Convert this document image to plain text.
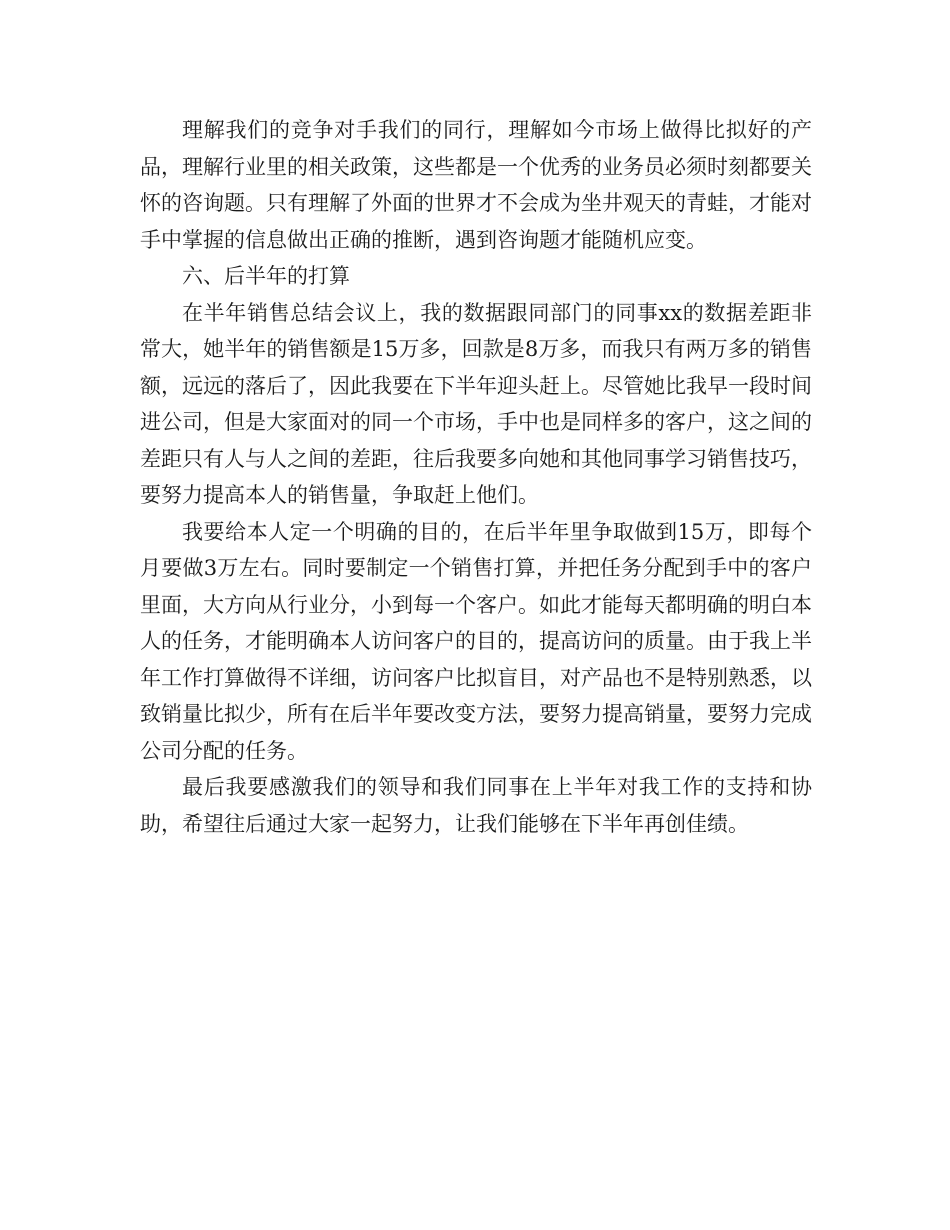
理解我们的竞争对手我们的同行，理解如今市场上做得比拟好的产品，理解行业里的相关政策，这些都是一个优秀的业务员必须时刻都要关怀的咨询题。只有理解了外面的世界才不会成为坐井观天的青蛙，才能对手中掌握的信息做出正确的推断，遇到咨询题才能随机应变。

六、后半年的打算

在半年销售总结会议上，我的数据跟同部门的同事xx的数据差距非常大，她半年的销售额是15万多，回款是8万多，而我只有两万多的销售额，远远的落后了，因此我要在下半年迎头赶上。尽管她比我早一段时间进公司，但是大家面对的同一个市场，手中也是同样多的客户，这之间的差距只有人与人之间的差距，往后我要多向她和其他同事学习销售技巧，要努力提高本人的销售量，争取赶上他们。

我要给本人定一个明确的目的，在后半年里争取做到15万，即每个月要做3万左右。同时要制定一个销售打算，并把任务分配到手中的客户里面，大方向从行业分，小到每一个客户。如此才能每天都明确的明白本人的任务，才能明确本人访问客户的目的，提高访问的质量。由于我上半年工作打算做得不详细，访问客户比拟盲目，对产品也不是特别熟悉，以致销量比拟少，所有在后半年要改变方法，要努力提高销量，要努力完成公司分配的任务。

最后我要感激我们的领导和我们同事在上半年对我工作的支持和协助，希望往后通过大家一起努力，让我们能够在下半年再创佳绩。
